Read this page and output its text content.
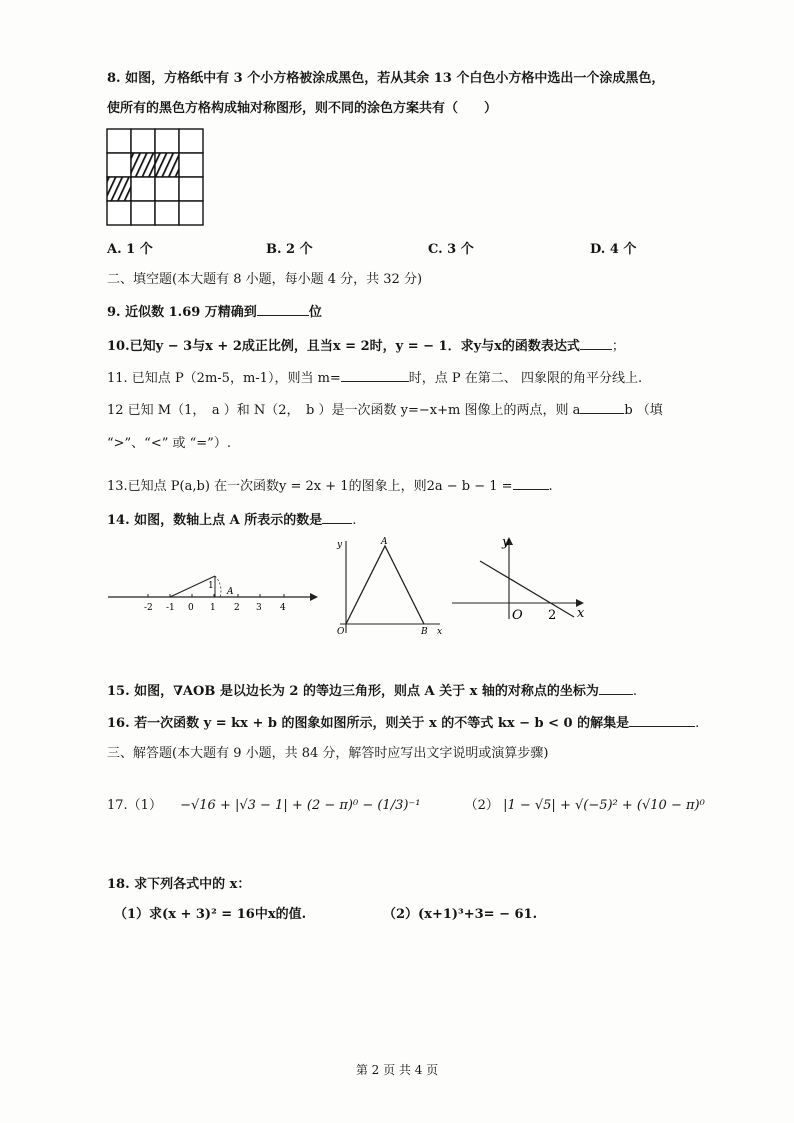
8. 如图，方格纸中有 3 个小方格被涂成黑色，若从其余 13 个白色小方格中选出一个涂成黑色，
使所有的黑色方格构成轴对称图形，则不同的涂色方案共有（　　）
A. 1 个	B. 2 个	C. 3 个	D. 4 个
二、填空题(本大题有 8 小题，每小题 4 分，共 32 分)
9. 近似数 1.69 万精确到	位
10.已知y − 3与x + 2成正比例，且当x = 2时，y = − 1．求y与x的函数表达式 ；
11. 已知点 P（2m-5，m-1），则当 m=	时，点 P 在第二、 四象限的角平分线上.
12 已知 M（1，　a ）和 N（2，　b ）是一次函数 y=−x+m 图像上的两点，则 a	b （填
“>”、“<” 或 “=”）.
13.已知点 P(a,b) 在一次函数y = 2x + 1的图象上，则2a − b − 1 =	.
14. 如图，数轴上点 A 所表示的数是 .
-2 -1 0 1 2 3 4
1
A
y
x
A
O	B
y
x
O 2
15. 如图，∇AOB 是以边长为 2 的等边三角形，则点 A 关于 x 轴的对称点的坐标为	.
16. 若一次函数 y = kx + b 的图象如图所示，则关于 x 的不等式 kx − b < 0 的解集是	.
三、解答题(本大题有 9 小题，共 84 分，解答时应写出文字说明或演算步骤)
17.（1） −√16 + |√3 − 1| + (2 − π)⁰ − (1/3)⁻¹	（2） |1 − √5| + √(−5)² + (√10 − π)⁰
18. 求下列各式中的 x：
（1）求(x + 3)² = 16中x的值.	（2）(x+1)³+3= − 61.
第 2 页 共 4 页
